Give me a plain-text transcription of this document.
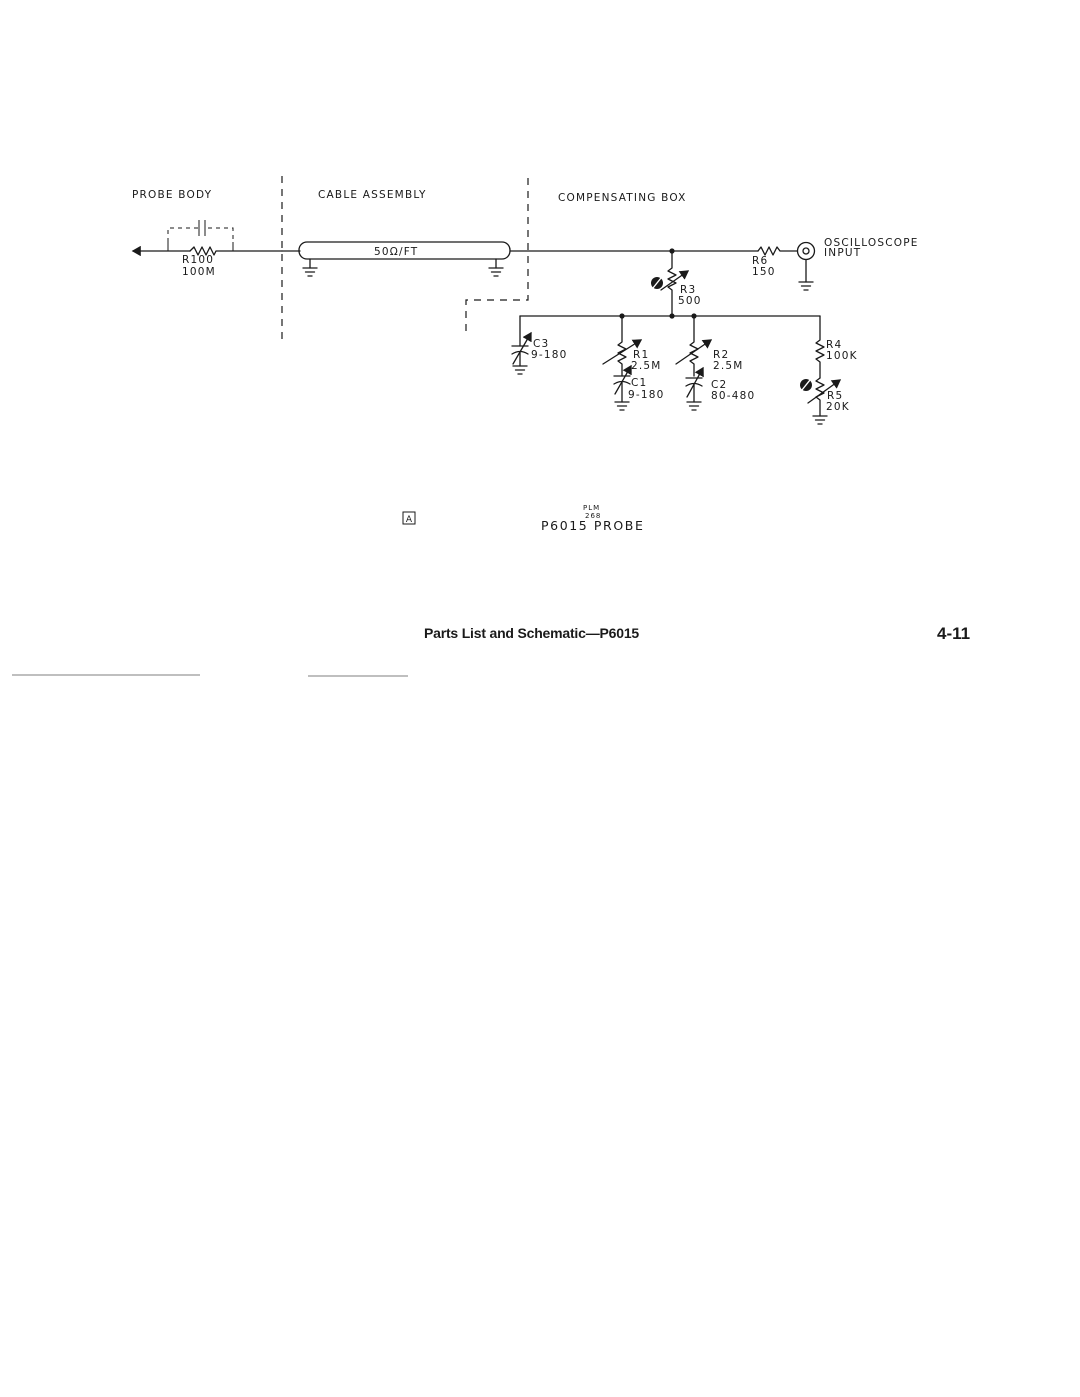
PROBE BODY	CABLE ASSEMBLY	COMPENSATING BOX
R100
100M
50Ω/FT
R6
150
OSCILLOSCOPE
INPUT
R3
500
C3
9-180	R1
2.5M
C1
9-180
R2
2.5M
C2
80-480
R4
100K
R5
20K
A
PLM
268
P6015 PROBE
Parts List and Schematic—P6015	4-11
